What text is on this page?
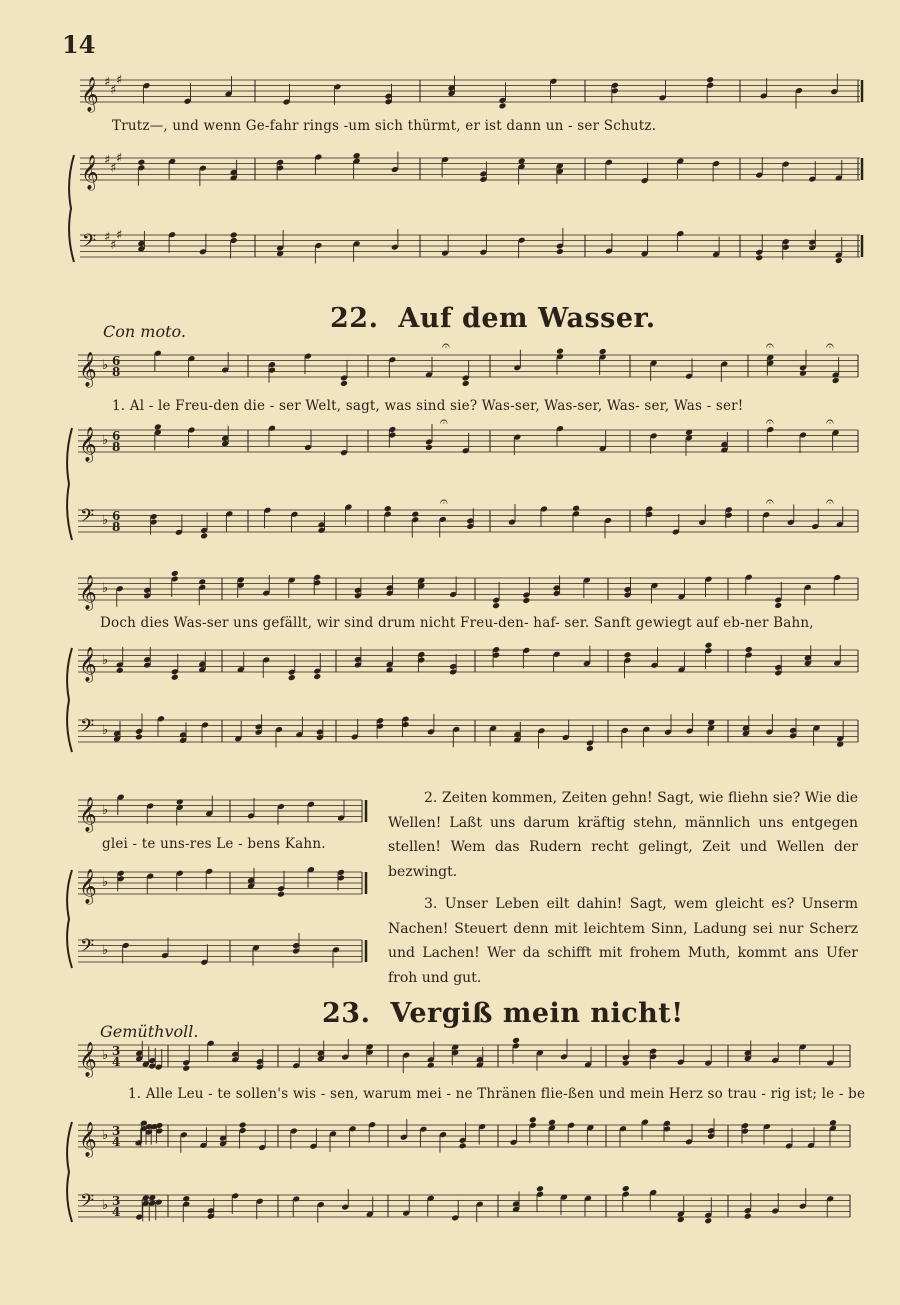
14
𝄞 ♯
♯
♯
𝄞 ♯
♯
♯
𝄢 ♯
♯
♯
𝄞 ♭ 6
8
𝄞 ♭ 6
8
𝄢 ♭ 6
8
𝄐	𝄐	𝄐
𝄐	𝄐	𝄐
𝄐	𝄐	𝄐
𝄞 ♭
𝄞 ♭
𝄢 ♭
𝄞 ♭
𝄞 ♭
𝄢 ♭
𝄞 ♭ 3
4
𝄞 ♭ 3
4
𝄢 ♭ 3
4
Trutz—, und wenn Ge-fahr rings -um sich thürmt, er ist dann un - ser Schutz.
Con moto.	22. Auf dem Wasser.
1. Al - le Freu-den die - ser Welt, sagt, was sind sie? Was-ser, Was-ser, Was- ser, Was - ser!
Doch dies Was-ser uns gefällt, wir sind drum nicht Freu-den- haf- ser. Sanft gewiegt auf eb-ner Bahn,
glei - te uns-res Le - bens Kahn.

2. Zeiten kommen, Zeiten gehn! Sagt, wie fliehn sie? Wie die Wellen! Laßt uns darum kräftig stehn, männlich uns entgegen stellen! Wem das Rudern recht gelingt, Zeit und Wellen der bezwingt.

3. Unser Leben eilt dahin! Sagt, wem gleicht es? Unserm Nachen! Steuert denn mit leichtem Sinn, Ladung sei nur Scherz und Lachen! Wer da schifft mit frohem Muth, kommt ans Ufer froh und gut.

23. Vergiß mein nicht!
Gemüthvoll.
1. Alle Leu - te sollen's wis - sen, warum mei - ne Thränen flie-ßen und mein Herz so trau - rig ist; le - be
